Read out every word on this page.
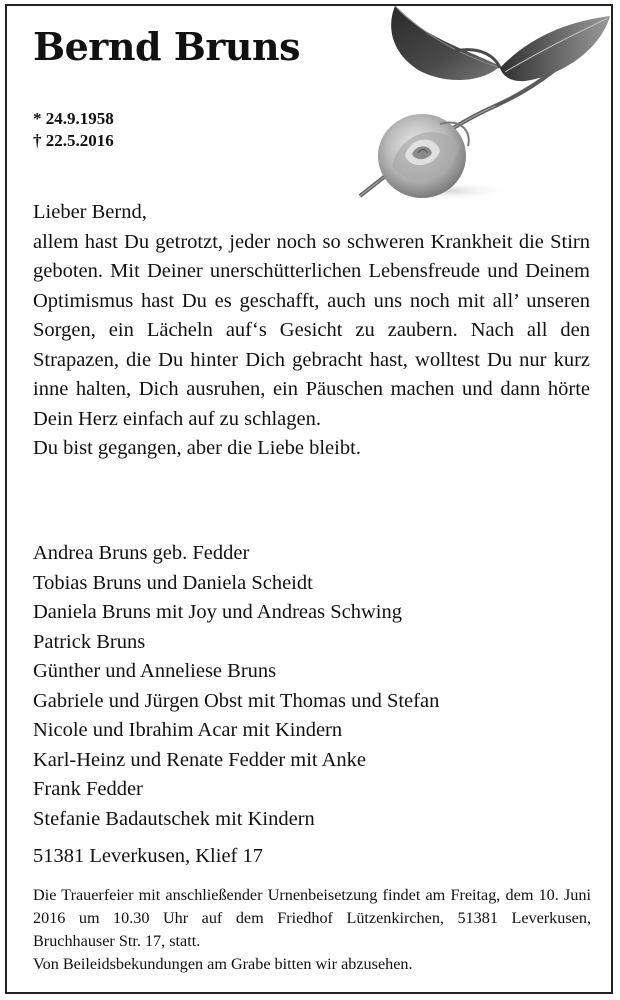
Bernd Bruns
* 24.9.1958
† 22.5.2016
Lieber Bernd,
allem hast Du getrotzt, jeder noch so schweren Krankheit die Stirn geboten. Mit Deiner unerschütterlichen Lebensfreude und Deinem Optimismus hast Du es geschafft, auch uns noch mit all’ unseren Sorgen, ein Lächeln auf‘s Gesicht zu zaubern. Nach all den Strapazen, die Du hinter Dich gebracht hast, wolltest Du nur kurz inne halten, Dich ausruhen, ein Päuschen machen und dann hörte Dein Herz einfach auf zu schlagen.
Du bist gegangen, aber die Liebe bleibt.
Andrea Bruns geb. Fedder
Tobias Bruns und Daniela Scheidt
Daniela Bruns mit Joy und Andreas Schwing
Patrick Bruns
Günther und Anneliese Bruns
Gabriele und Jürgen Obst mit Thomas und Stefan
Nicole und Ibrahim Acar mit Kindern
Karl-Heinz und Renate Fedder mit Anke
Frank Fedder
Stefanie Badautschek mit Kindern
51381 Leverkusen, Klief 17
Die Trauerfeier mit anschließender Urnenbeisetzung findet am Freitag, dem 10. Juni 2016 um 10.30 Uhr auf dem Friedhof Lützenkirchen, 51381 Leverkusen, Bruchhauser Str. 17, statt.
Von Beileidsbekundungen am Grabe bitten wir abzusehen.
